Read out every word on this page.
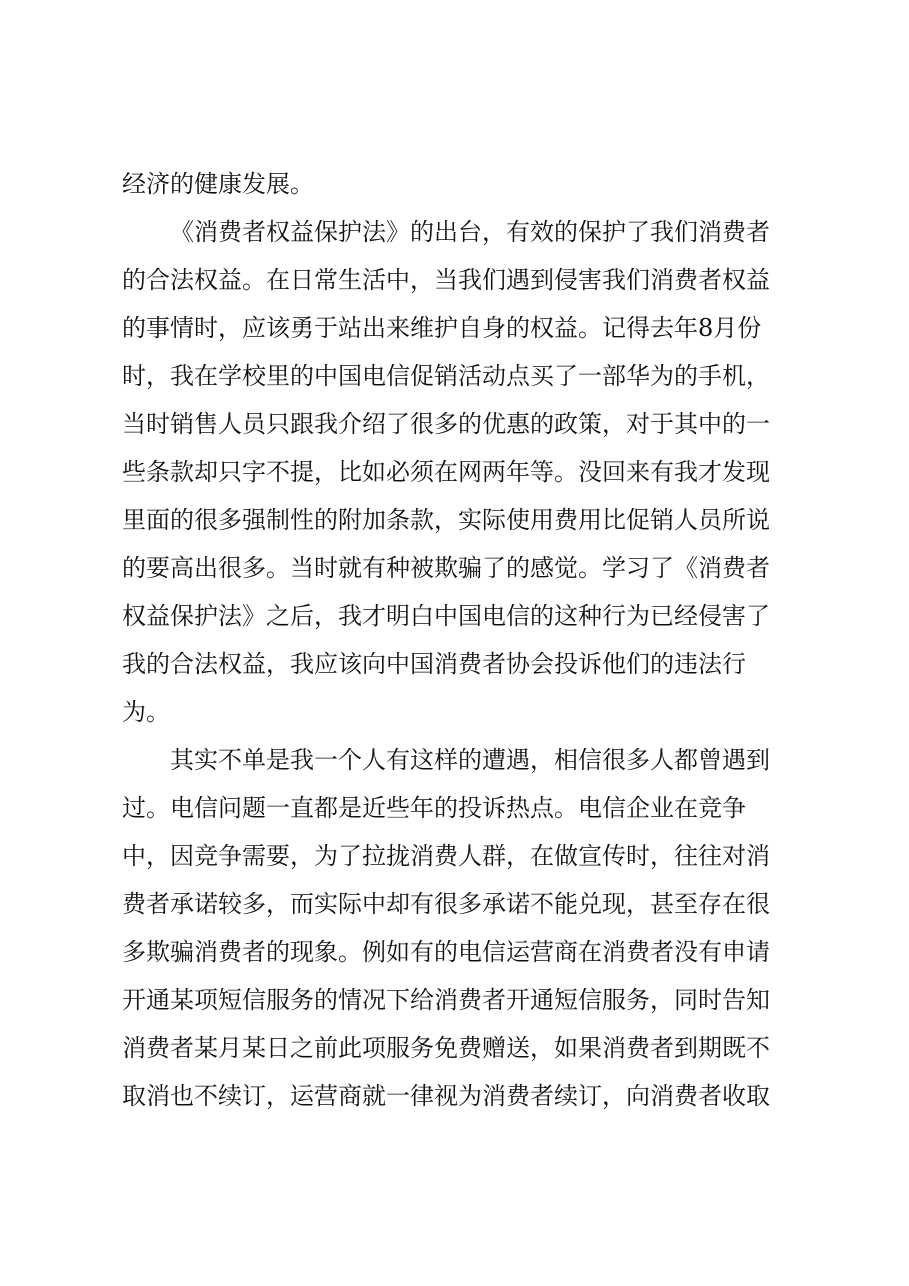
经济的健康发展。
《消费者权益保护法》的出台，有效的保护了我们消费者
的合法权益。在日常生活中，当我们遇到侵害我们消费者权益
的事情时，应该勇于站出来维护自身的权益。记得去年8月份
时，我在学校里的中国电信促销活动点买了一部华为的手机，
当时销售人员只跟我介绍了很多的优惠的政策，对于其中的一
些条款却只字不提，比如必须在网两年等。没回来有我才发现
里面的很多强制性的附加条款，实际使用费用比促销人员所说
的要高出很多。当时就有种被欺骗了的感觉。学习了《消费者
权益保护法》之后，我才明白中国电信的这种行为已经侵害了
我的合法权益，我应该向中国消费者协会投诉他们的违法行
为。
其实不单是我一个人有这样的遭遇，相信很多人都曾遇到
过。电信问题一直都是近些年的投诉热点。电信企业在竞争
中，因竞争需要，为了拉拢消费人群，在做宣传时，往往对消
费者承诺较多，而实际中却有很多承诺不能兑现，甚至存在很
多欺骗消费者的现象。例如有的电信运营商在消费者没有申请
开通某项短信服务的情况下给消费者开通短信服务，同时告知
消费者某月某日之前此项服务免费赠送，如果消费者到期既不
取消也不续订，运营商就一律视为消费者续订，向消费者收取
